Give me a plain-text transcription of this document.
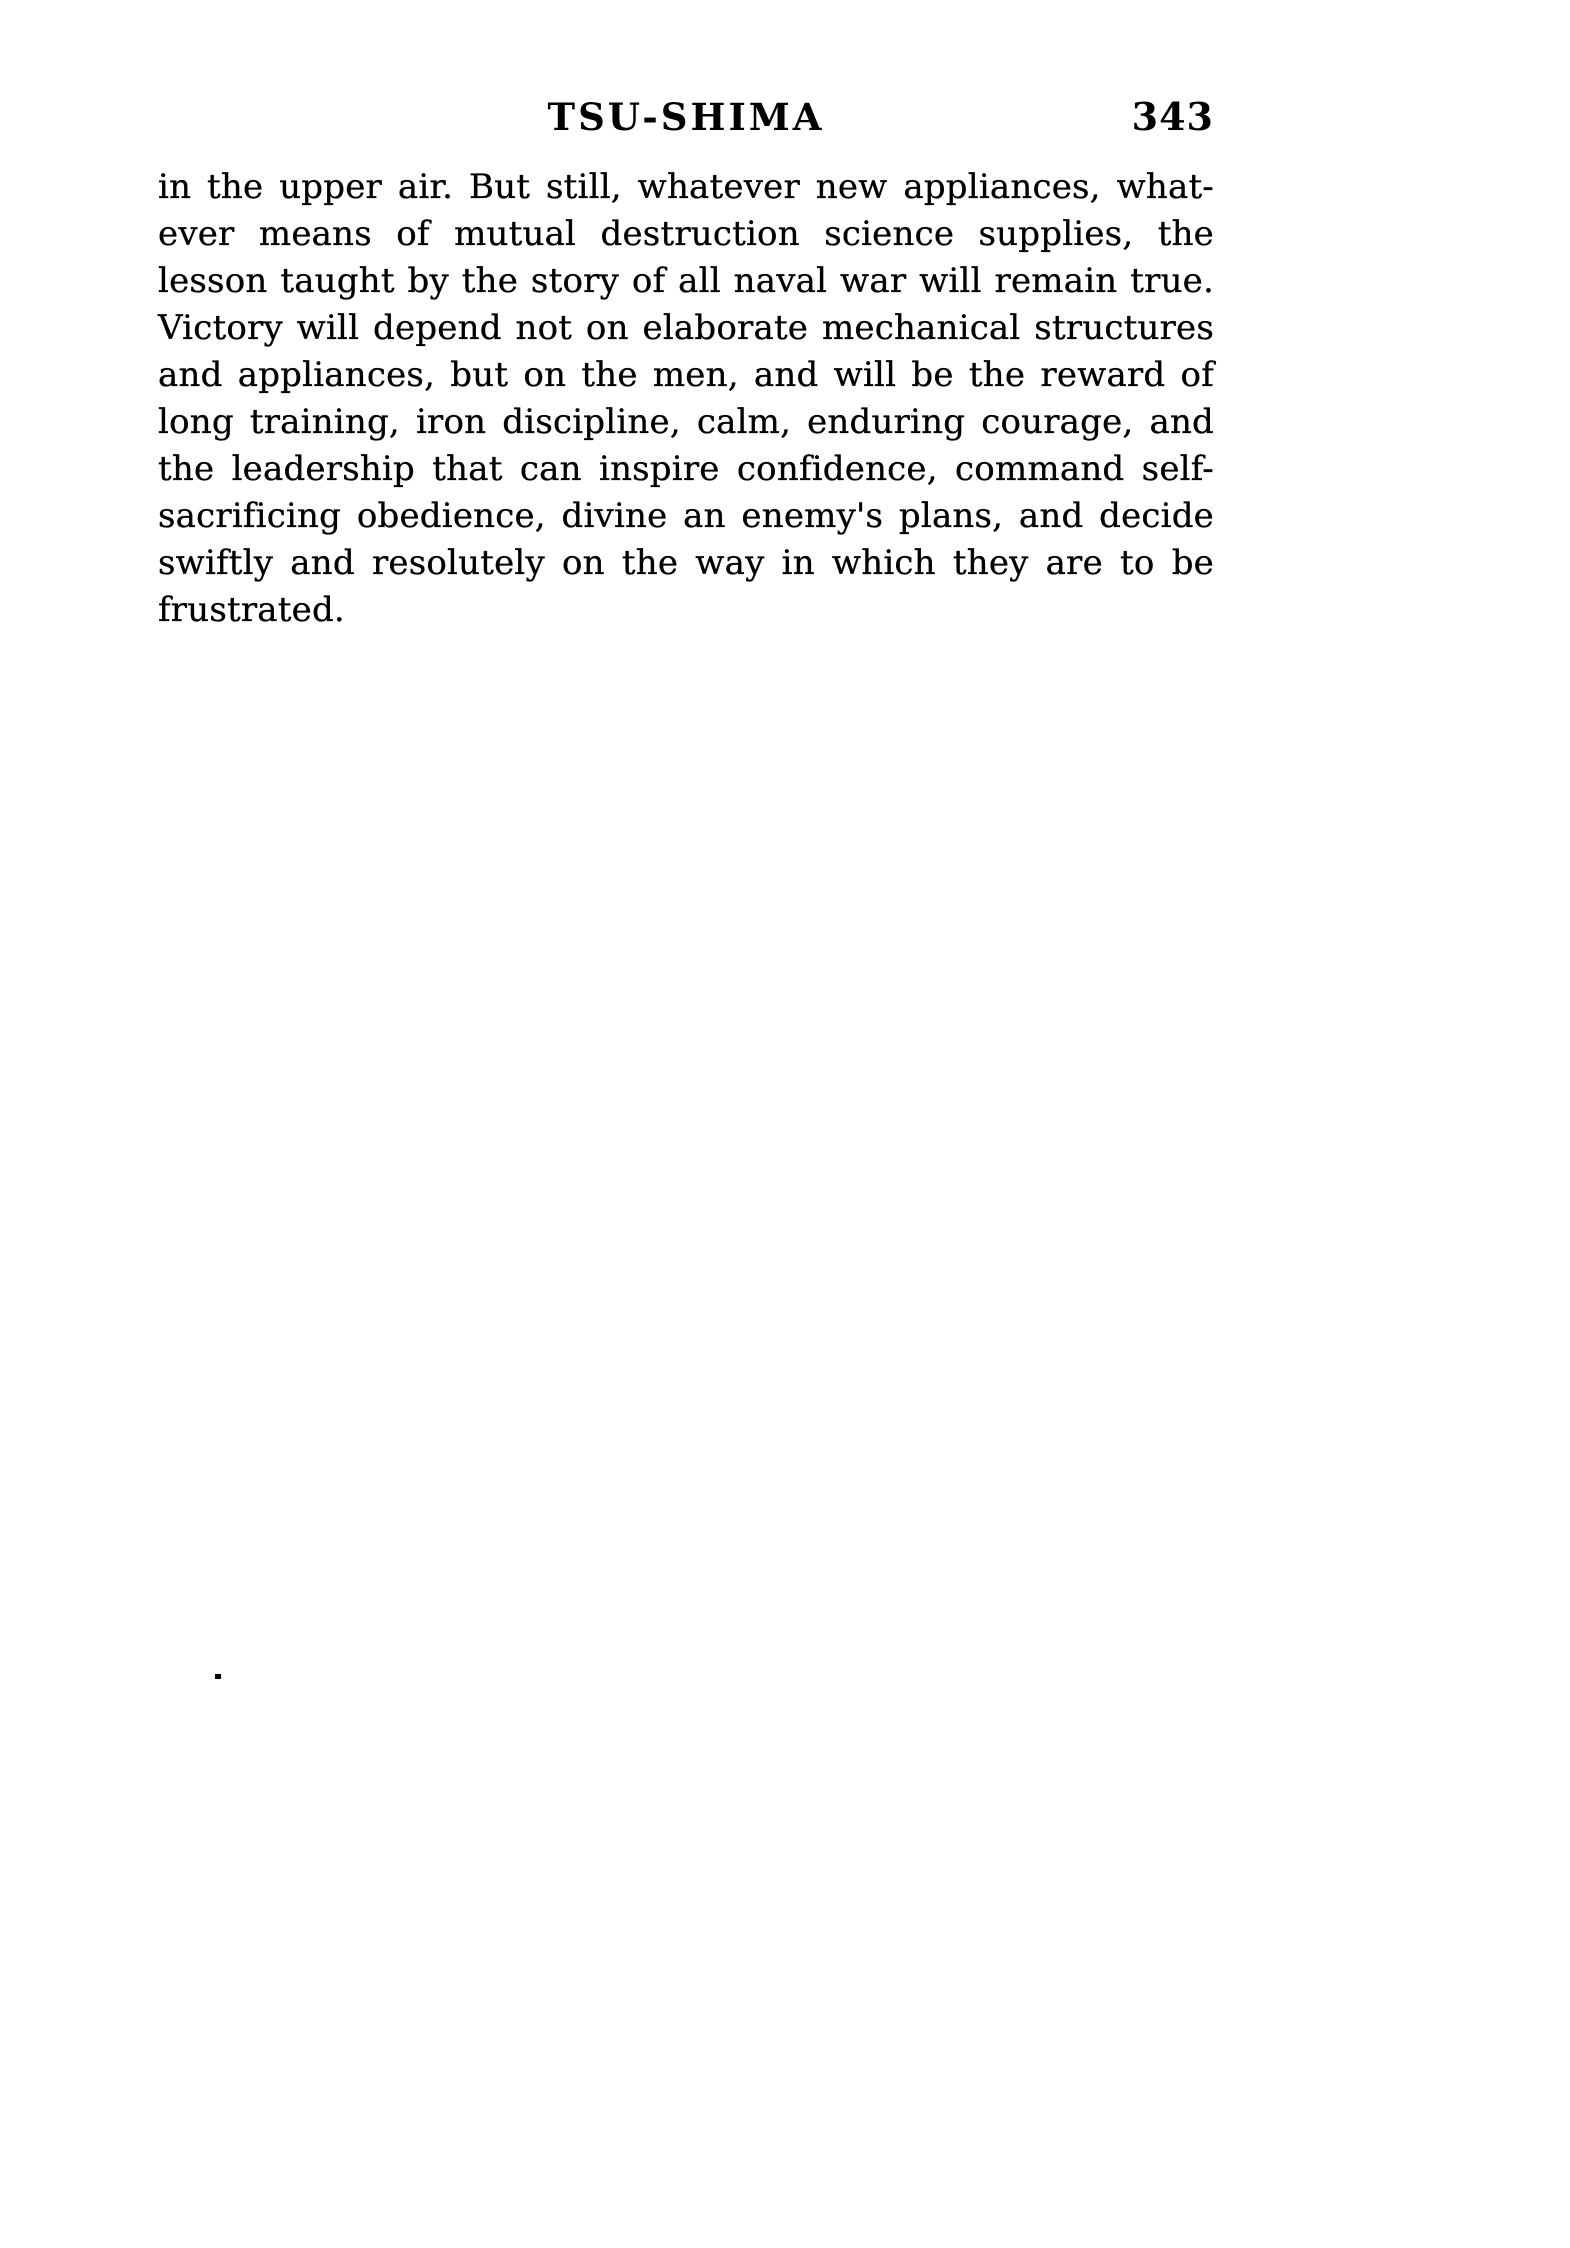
TSU-SHIMA	343
in the upper air. But still, whatever new appliances, what-
ever means of mutual destruction science supplies, the
lesson taught by the story of all naval war will remain true.
Victory will depend not on elaborate mechanical structures
and appliances, but on the men, and will be the reward of
long training, iron discipline, calm, enduring courage, and
the leadership that can inspire confidence, command self-
sacrificing obedience, divine an enemy's plans, and decide
swiftly and resolutely on the way in which they are to be
frustrated.
